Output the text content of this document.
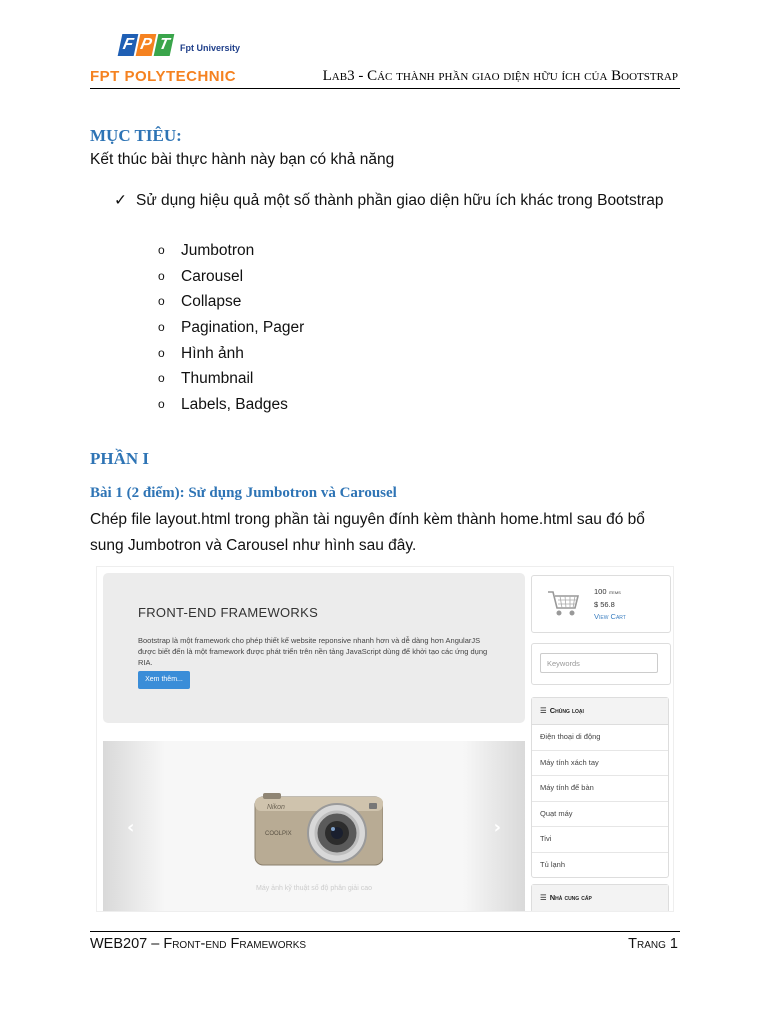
F P T	Fpt University
FPT POLYTECHNIC	Lab3 - Các thành phần giao diện hữu ích của Bootstrap
MỤC TIÊU:
Kết thúc bài thực hành này bạn có khả năng
✓ Sử dụng hiệu quả một số thành phần giao diện hữu ích khác trong Bootstrap
o Jumbotron
o Carousel
o Collapse
o Pagination, Pager
o Hình ảnh
o Thumbnail
o Labels, Badges
PHẦN I
Bài 1 (2 điểm): Sử dụng Jumbotron và Carousel
Chép file layout.html trong phần tài nguyên đính kèm thành home.html sau đó bổ sung Jumbotron và Carousel như hình sau đây.
FRONT-END FRAMEWORKS
Bootstrap là một framework cho phép thiết kế website reponsive nhanh hơn và dễ dàng hơn AngularJS được biết đến là một framework được phát triển trên nền tảng JavaScript dùng để khởi tạo các ứng dụng RIA.
Xem thêm...
‹	›
Nikon
COOLPIX
Máy ảnh kỹ thuật số độ phân giải cao
100 items
$ 56.8
View Cart
Keywords
☰ Chủng loại
Điện thoại di động
Máy tính xách tay
Máy tính để bàn
Quạt máy
Tivi
Tủ lạnh
☰ Nhà cung cấp
WEB207 – Front-end Frameworks	Trang 1
